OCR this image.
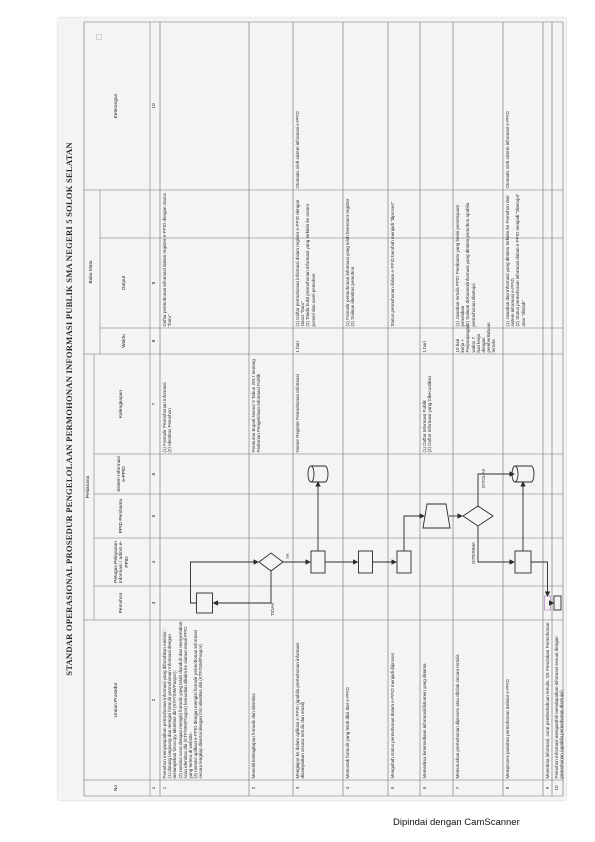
STANDAR OPERASIONAL PROSEDUR PENGELOLAAN PERMOHONAN INFORMASI PUBLIK SMA NEGERI 5 SOLOK SELATAN
No
Uraian Prosedur
Pelaksana
Pemohon
Petugas Pelayanan Informasi / admin e-PPID
PPID Pembantu
Sistem Informasi e-PPID
Baku Mutu
Kelengkapan
Waktu
Output
Keterangan
1
2
3
4
5
6
7
8
9
10
1
Pemohon menyampaikan permohonan informasi yang dibutuhkan melalui : (1) datang langsung dan mengisi formulir permohonan Informasi dengan melampirkan fotocopy identitas diri (KTP/SIM/Paspor); (2) melalui surat dengan mengisi formulir yang telah diunduh dan menyertakan scan identitas diri (KTP/SIM/Paspor) kemudian dikirim ke alamat email PPID yang tertera di website. (3) melalui aplikasi e-PPID dengan mengisi formulir permohonan informasi secara lengkap disertai dengan foto identitas diri (KTP/SIM/Paspor)
(1) Formulir Permohonan Informasi (2) Identitas Pemohon
Daftar permohonan informasi dalam register e-PPID dengan status "baru"
2
Meneliti kelengkapan formulir dan identitas
Peraturan Bupati Nomor 9 Tahun 2017 tentang Pedoman Pengelolaan Informasi Publik
3
Menginput ke dalam aplikasi e-PPID (apabila permohonan informasi disampaikan secara tertulis dan email)
Nomor Register Permohonan Informasi
1 hari
(1) Daftar permohonan informasi dalam register e-PPID dengan status "baru" (2) Tanda bukti permohonan informasi yang terkirim ke nomor ponsel dan surel pemohon
Otomatis oleh sistem informasi e-PPID
4
Mencetak formulir yang telah diisi dari e-PPID
(1) Formulir permohonan informasi yang telah bernomor register (2) Salinan identitas pemohon
5
Mengubah status permohonan dalam e-PPID menjadi diproses
Status permohonan dalam e-PPID berubah menjadi "diproses"
6
Memeriksa ketersediaan informasi/dokumen yang diminta
(1) Daftar Informasi Publik (2) Daftar Informasi yang Dikecualikan
1 hari
7
Memutuskan permohonan diproses atau ditolak secara tertulis
10 hari kerja + Perpanjangan waktu 7 hari kerja dengan pemberitahuan tertulis
(1) Jawaban tertulis PPID Pembantu yang berisi persetujuan/ penolakan (2) Salinan dokumen/informasi yang diminta pemohon apabila permohonan disetujui
8
Memproses jawaban permohonan melalui e-PPID
(1) Jawaban dan informasi yang diminta terkirim ke Pemohon dari sistem informasi e-PPID (2) Status permohonan informasi dalam e-PPID menjadi "disetujui" atau "ditolak"
Otomatis oleh sistem informasi e-PPID
9
Menerima informasi, surat pemberitahuan tertulis, SK Penolakan Permohonan
10
Pemohon Informasi mengambil/ mendapatkan informasi sesuai dengan permohonan (apabila permohonan disetujui)
TIDAK
YA	DITERIMA
DITOLAK
Dipindai dengan CamScanner
